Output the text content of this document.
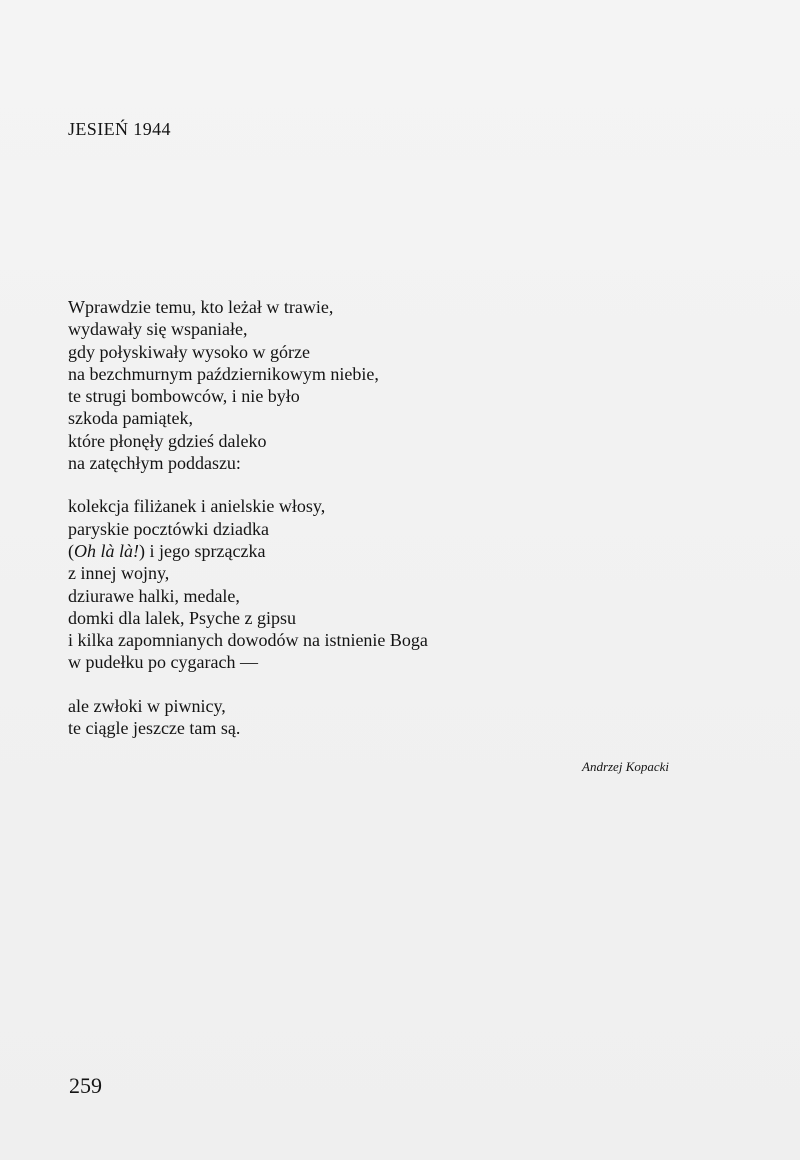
JESIEŃ 1944
Wprawdzie temu, kto leżał w trawie,
wydawały się wspaniałe,
gdy połyskiwały wysoko w górze
na bezchmurnym październikowym niebie,
te strugi bombowców, i nie było
szkoda pamiątek,
które płonęły gdzieś daleko
na zatęchłym poddaszu:
kolekcja filiżanek i anielskie włosy,
paryskie pocztówki dziadka
(Oh là là!) i jego sprzączka
z innej wojny,
dziurawe halki, medale,
domki dla lalek, Psyche z gipsu
i kilka zapomnianych dowodów na istnienie Boga
w pudełku po cygarach —
ale zwłoki w piwnicy,
te ciągle jeszcze tam są.
Andrzej Kopacki
259
